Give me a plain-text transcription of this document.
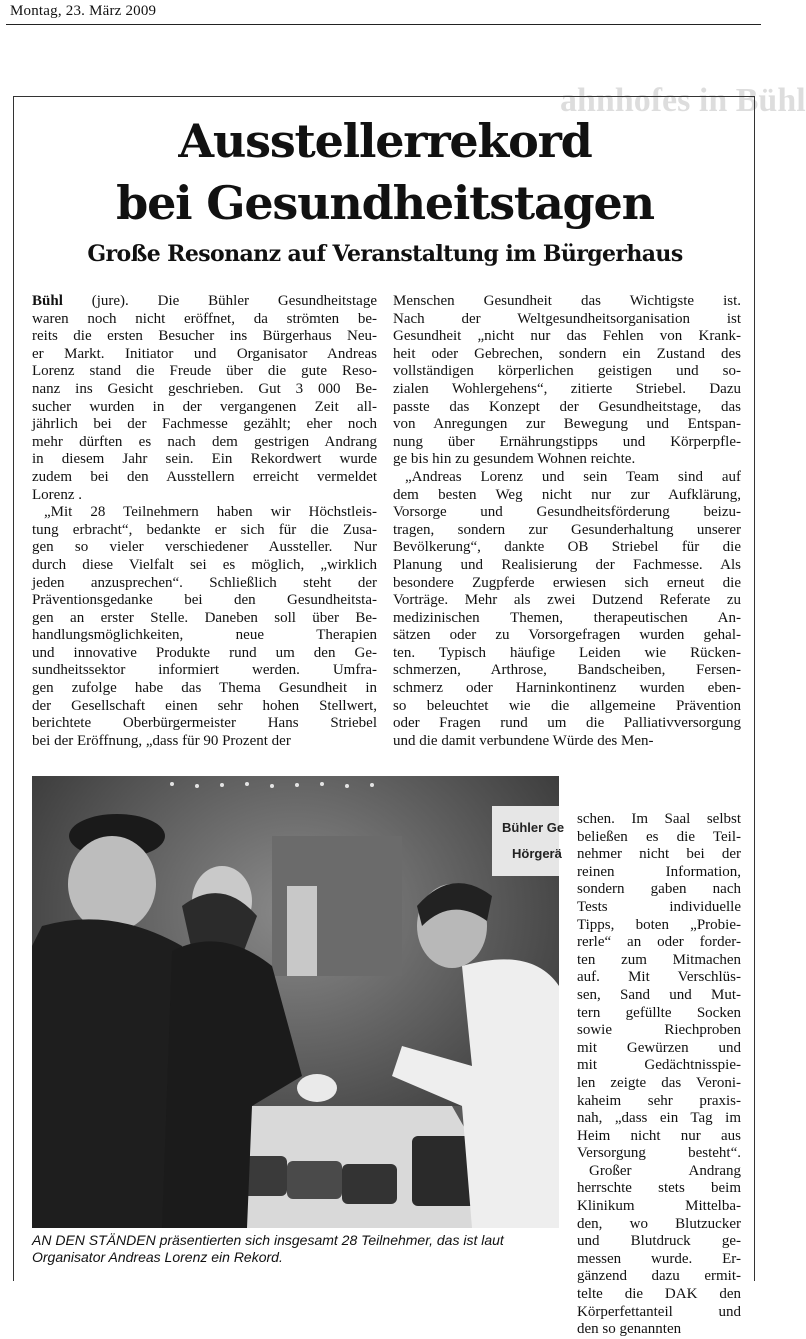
Montag, 23. März 2009
ahnhofes in Bühl
Ausstellerrekord
bei Gesundheitstagen
Große Resonanz auf Veranstaltung im Bürgerhaus
Bühl (jure). Die Bühler Gesundheitstage
waren noch nicht eröffnet, da strömten be-
reits die ersten Besucher ins Bürgerhaus Neu-
er Markt. Initiator und Organisator Andreas
Lorenz stand die Freude über die gute Reso-
nanz ins Gesicht geschrieben. Gut 3 000 Be-
sucher wurden in der vergangenen Zeit all-
jährlich bei der Fachmesse gezählt; eher noch
mehr dürften es nach dem gestrigen Andrang
in diesem Jahr sein. Ein Rekordwert wurde
zudem bei den Ausstellern erreicht vermeldet
Lorenz .
„Mit 28 Teilnehmern haben wir Höchstleis-
tung erbracht“, bedankte er sich für die Zusa-
gen so vieler verschiedener Aussteller. Nur
durch diese Vielfalt sei es möglich, „wirklich
jeden anzusprechen“. Schließlich steht der
Präventionsgedanke bei den Gesundheitsta-
gen an erster Stelle. Daneben soll über Be-
handlungsmöglichkeiten, neue Therapien
und innovative Produkte rund um den Ge-
sundheitssektor informiert werden. Umfra-
gen zufolge habe das Thema Gesundheit in
der Gesellschaft einen sehr hohen Stellwert,
berichtete Oberbürgermeister Hans Striebel
bei der Eröffnung, „dass für 90 Prozent der
Menschen Gesundheit das Wichtigste ist.
Nach der Weltgesundheitsorganisation ist
Gesundheit „nicht nur das Fehlen von Krank-
heit oder Gebrechen, sondern ein Zustand des
vollständigen körperlichen geistigen und so-
zialen Wohlergehens“, zitierte Striebel. Dazu
passte das Konzept der Gesundheitstage, das
von Anregungen zur Bewegung und Entspan-
nung über Ernährungstipps und Körperpfle-
ge bis hin zu gesundem Wohnen reichte.
„Andreas Lorenz und sein Team sind auf
dem besten Weg nicht nur zur Aufklärung,
Vorsorge und Gesundheitsförderung beizu-
tragen, sondern zur Gesunderhaltung unserer
Bevölkerung“, dankte OB Striebel für die
Planung und Realisierung der Fachmesse. Als
besondere Zugpferde erwiesen sich erneut die
Vorträge. Mehr als zwei Dutzend Referate zu
medizinischen Themen, therapeutischen An-
sätzen oder zu Vorsorgefragen wurden gehal-
ten. Typisch häufige Leiden wie Rücken-
schmerzen, Arthrose, Bandscheiben, Fersen-
schmerz oder Harninkontinenz wurden eben-
so beleuchtet wie die allgemeine Prävention
oder Fragen rund um die Palliativversorgung
und die damit verbundene Würde des Men-
Bühler Ge
Hörgerä
schen. Im Saal selbst
beließen es die Teil-
nehmer nicht bei der
reinen Information,
sondern gaben nach
Tests individuelle
Tipps, boten „Probie-
rerle“ an oder forder-
ten zum Mitmachen
auf. Mit Verschlüs-
sen, Sand und Mut-
tern gefüllte Socken
sowie Riechproben
mit Gewürzen und
mit Gedächtnisspie-
len zeigte das Veroni-
kaheim sehr praxis-
nah, „dass ein Tag im
Heim nicht nur aus
Versorgung besteht“.
Großer Andrang
herrschte stets beim
Klinikum Mittelba-
den, wo Blutzucker
und Blutdruck ge-
messen wurde. Er-
gänzend dazu ermit-
telte die DAK den
Körperfettanteil und
den so genannten
AN DEN STÄNDEN präsentierten sich insgesamt 28 Teilnehmer, das ist laut
Organisator Andreas Lorenz ein Rekord.
